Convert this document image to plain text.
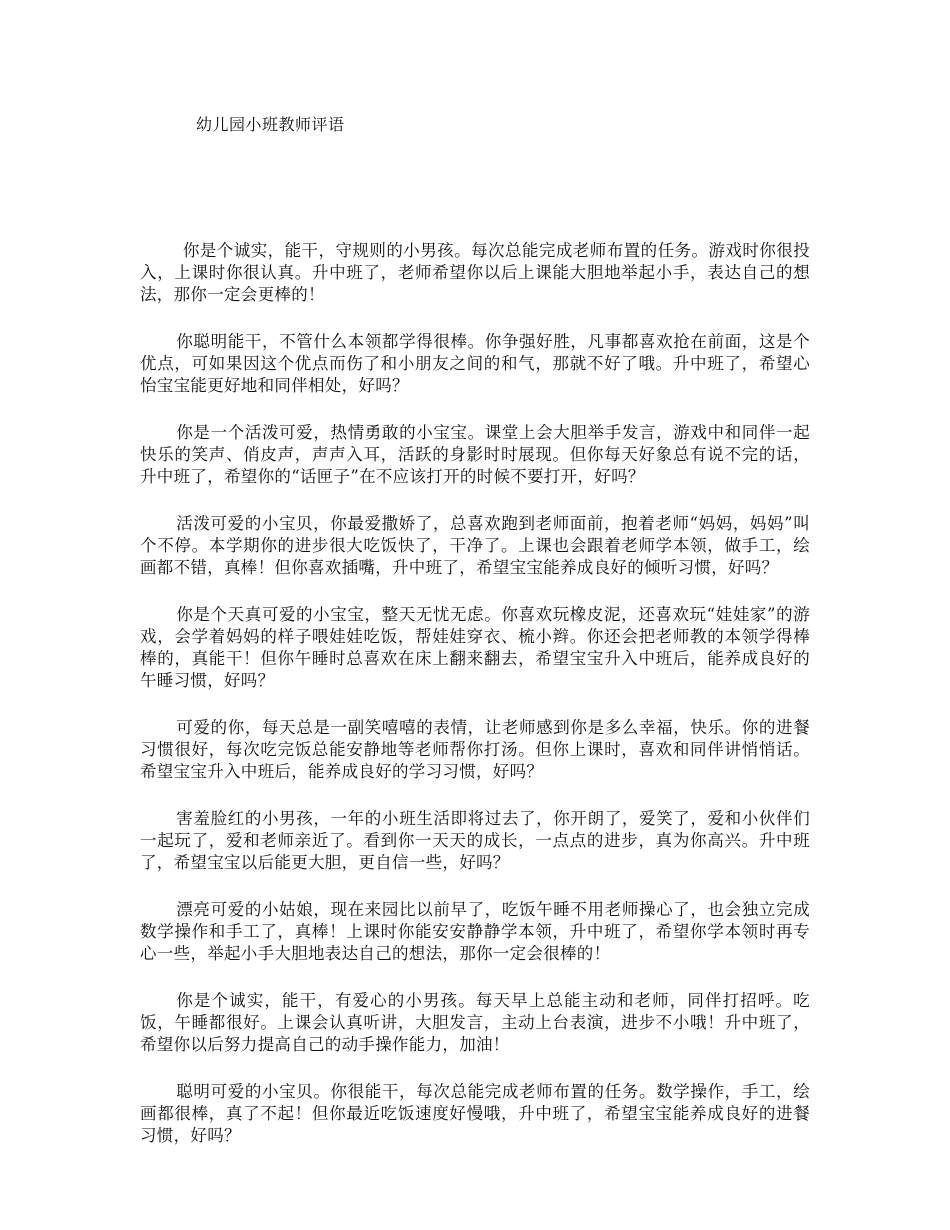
幼儿园小班教师评语

你是个诚实，能干，守规则的小男孩。每次总能完成老师布置的任务。游戏时你很投入，上课时你很认真。升中班了，老师希望你以后上课能大胆地举起小手，表达自己的想法，那你一定会更棒的！

你聪明能干，不管什么本领都学得很棒。你争强好胜，凡事都喜欢抢在前面，这是个优点，可如果因这个优点而伤了和小朋友之间的和气，那就不好了哦。升中班了，希望心怡宝宝能更好地和同伴相处，好吗？

你是一个活泼可爱，热情勇敢的小宝宝。课堂上会大胆举手发言，游戏中和同伴一起快乐的笑声、俏皮声，声声入耳，活跃的身影时时展现。但你每天好象总有说不完的话，升中班了，希望你的“话匣子”在不应该打开的时候不要打开，好吗？

活泼可爱的小宝贝，你最爱撒娇了，总喜欢跑到老师面前，抱着老师“妈妈，妈妈”叫个不停。本学期你的进步很大吃饭快了，干净了。上课也会跟着老师学本领，做手工，绘画都不错，真棒！但你喜欢插嘴，升中班了，希望宝宝能养成良好的倾听习惯，好吗？

你是个天真可爱的小宝宝，整天无忧无虑。你喜欢玩橡皮泥，还喜欢玩“娃娃家”的游戏，会学着妈妈的样子喂娃娃吃饭，帮娃娃穿衣、梳小辫。你还会把老师教的本领学得棒棒的，真能干！但你午睡时总喜欢在床上翻来翻去，希望宝宝升入中班后，能养成良好的午睡习惯，好吗？

可爱的你，每天总是一副笑嘻嘻的表情，让老师感到你是多么幸福，快乐。你的进餐习惯很好，每次吃完饭总能安静地等老师帮你打汤。但你上课时，喜欢和同伴讲悄悄话。希望宝宝升入中班后，能养成良好的学习习惯，好吗？

害羞脸红的小男孩，一年的小班生活即将过去了，你开朗了，爱笑了，爱和小伙伴们一起玩了，爱和老师亲近了。看到你一天天的成长，一点点的进步，真为你高兴。升中班了，希望宝宝以后能更大胆，更自信一些，好吗？

漂亮可爱的小姑娘，现在来园比以前早了，吃饭午睡不用老师操心了，也会独立完成数学操作和手工了，真棒！上课时你能安安静静学本领，升中班了，希望你学本领时再专心一些，举起小手大胆地表达自己的想法，那你一定会很棒的！

你是个诚实，能干，有爱心的小男孩。每天早上总能主动和老师，同伴打招呼。吃饭，午睡都很好。上课会认真听讲，大胆发言，主动上台表演，进步不小哦！升中班了，希望你以后努力提高自己的动手操作能力，加油！

聪明可爱的小宝贝。你很能干，每次总能完成老师布置的任务。数学操作，手工，绘画都很棒，真了不起！但你最近吃饭速度好慢哦，升中班了，希望宝宝能养成良好的进餐习惯，好吗？
